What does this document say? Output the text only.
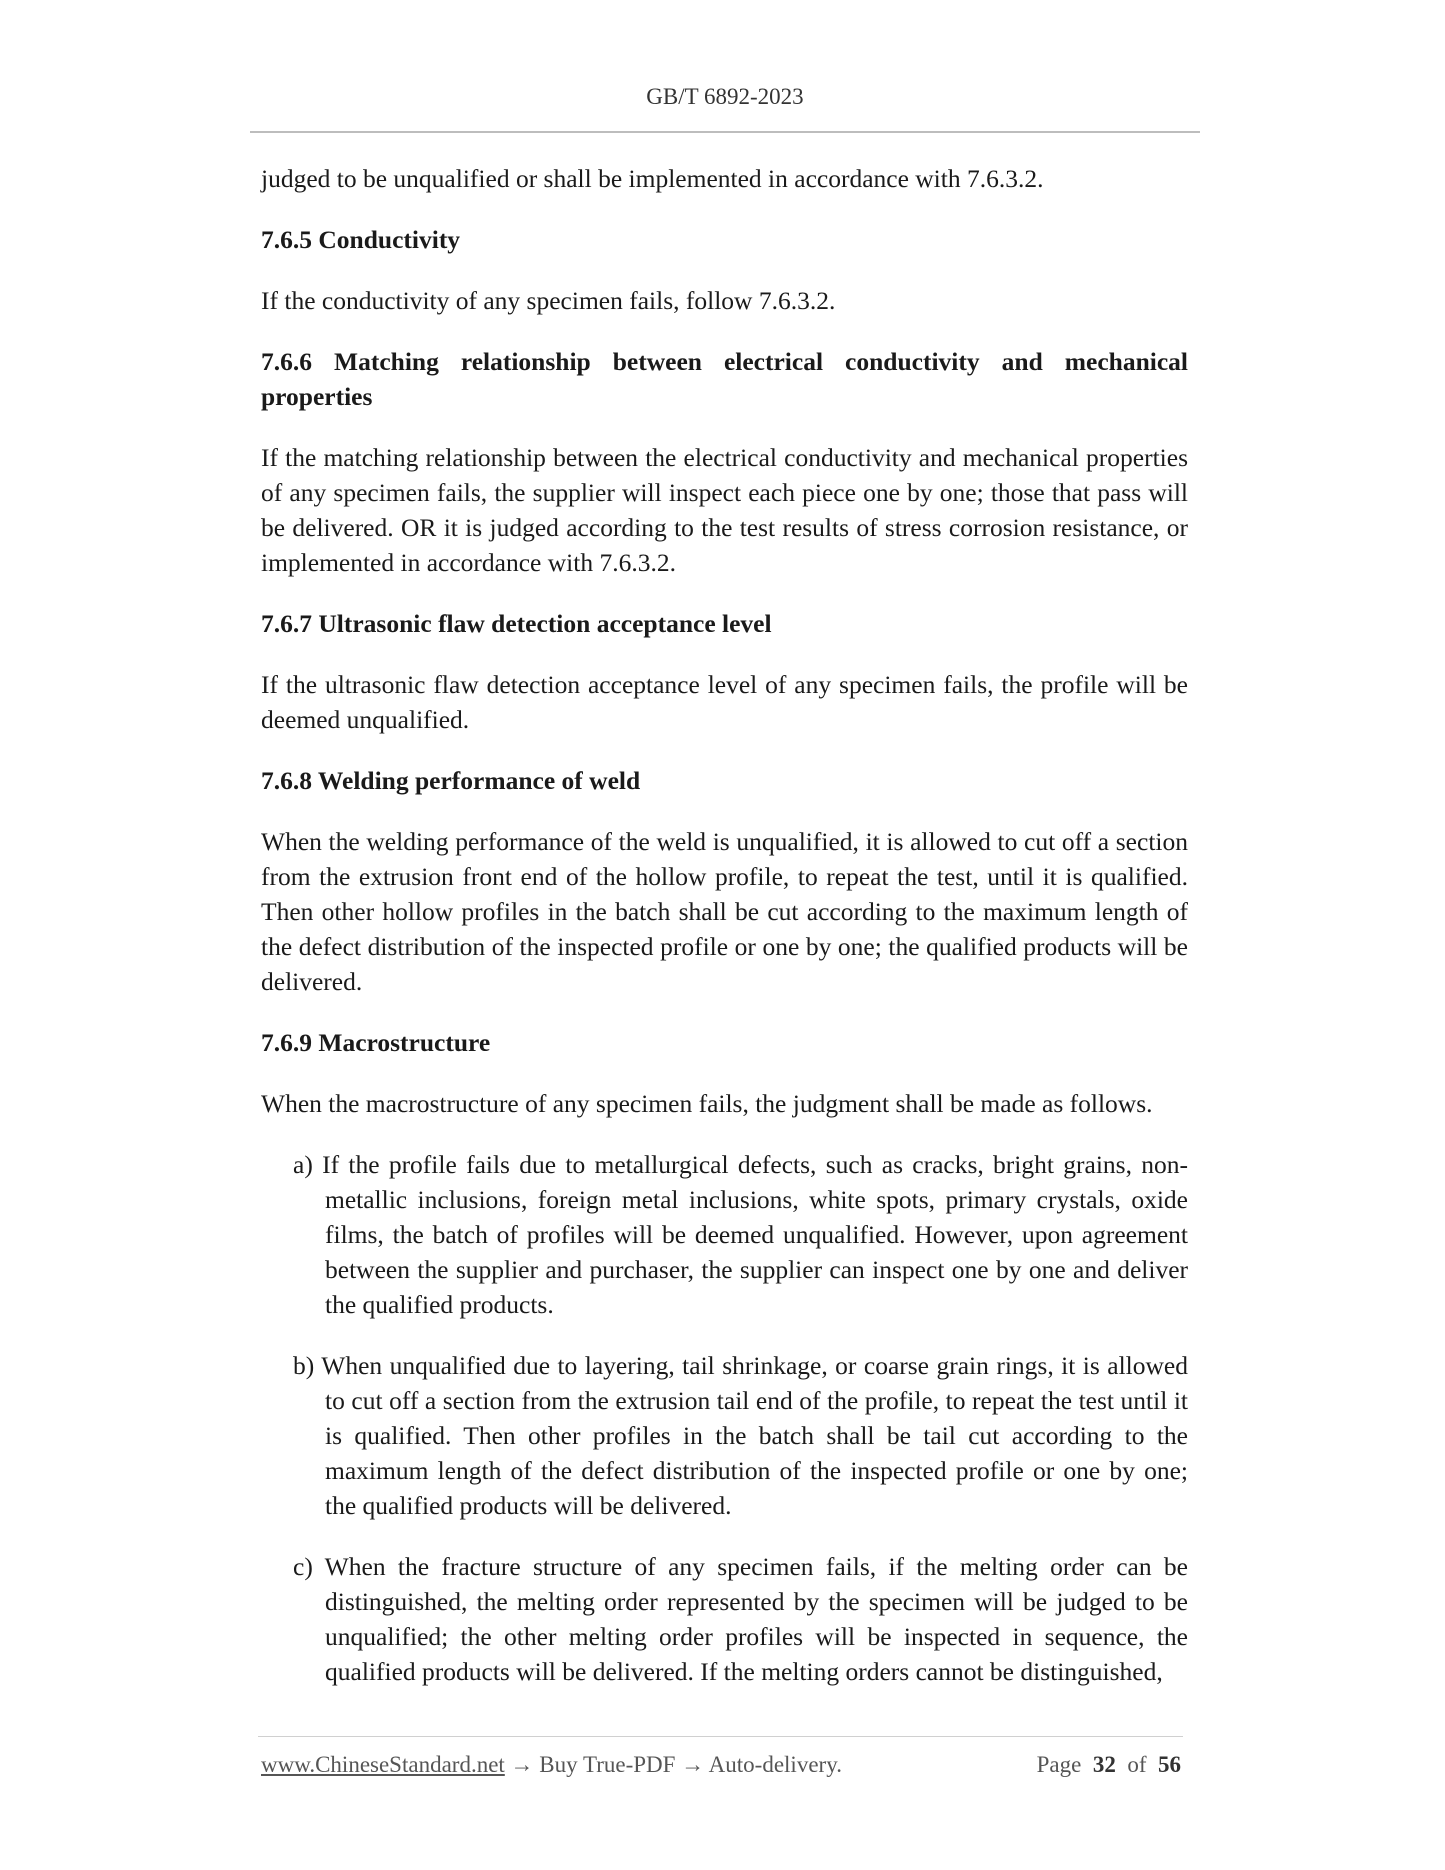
GB/T 6892-2023

judged to be unqualified or shall be implemented in accordance with 7.6.3.2.

7.6.5 Conductivity

If the conductivity of any specimen fails, follow 7.6.3.2.

7.6.6 Matching relationship between electrical conductivity and mechanical properties

If the matching relationship between the electrical conductivity and mechanical properties of any specimen fails, the supplier will inspect each piece one by one; those that pass will be delivered. OR it is judged according to the test results of stress corrosion resistance, or implemented in accordance with 7.6.3.2.

7.6.7 Ultrasonic flaw detection acceptance level

If the ultrasonic flaw detection acceptance level of any specimen fails, the profile will be deemed unqualified.

7.6.8 Welding performance of weld

When the welding performance of the weld is unqualified, it is allowed to cut off a section from the extrusion front end of the hollow profile, to repeat the test, until it is qualified. Then other hollow profiles in the batch shall be cut according to the maximum length of the defect distribution of the inspected profile or one by one; the qualified products will be delivered.

7.6.9 Macrostructure

When the macrostructure of any specimen fails, the judgment shall be made as follows.

a) If the profile fails due to metallurgical defects, such as cracks, bright grains, non-metallic inclusions, foreign metal inclusions, white spots, primary crystals, oxide films, the batch of profiles will be deemed unqualified. However, upon agreement between the supplier and purchaser, the supplier can inspect one by one and deliver the qualified products.

b) When unqualified due to layering, tail shrinkage, or coarse grain rings, it is allowed to cut off a section from the extrusion tail end of the profile, to repeat the test until it is qualified. Then other profiles in the batch shall be tail cut according to the maximum length of the defect distribution of the inspected profile or one by one; the qualified products will be delivered.

c) When the fracture structure of any specimen fails, if the melting order can be distinguished, the melting order represented by the specimen will be judged to be unqualified; the other melting order profiles will be inspected in sequence, the qualified products will be delivered. If the melting orders cannot be distinguished,

www.ChineseStandard.net → Buy True-PDF → Auto-delivery.	Page 32 of 56
